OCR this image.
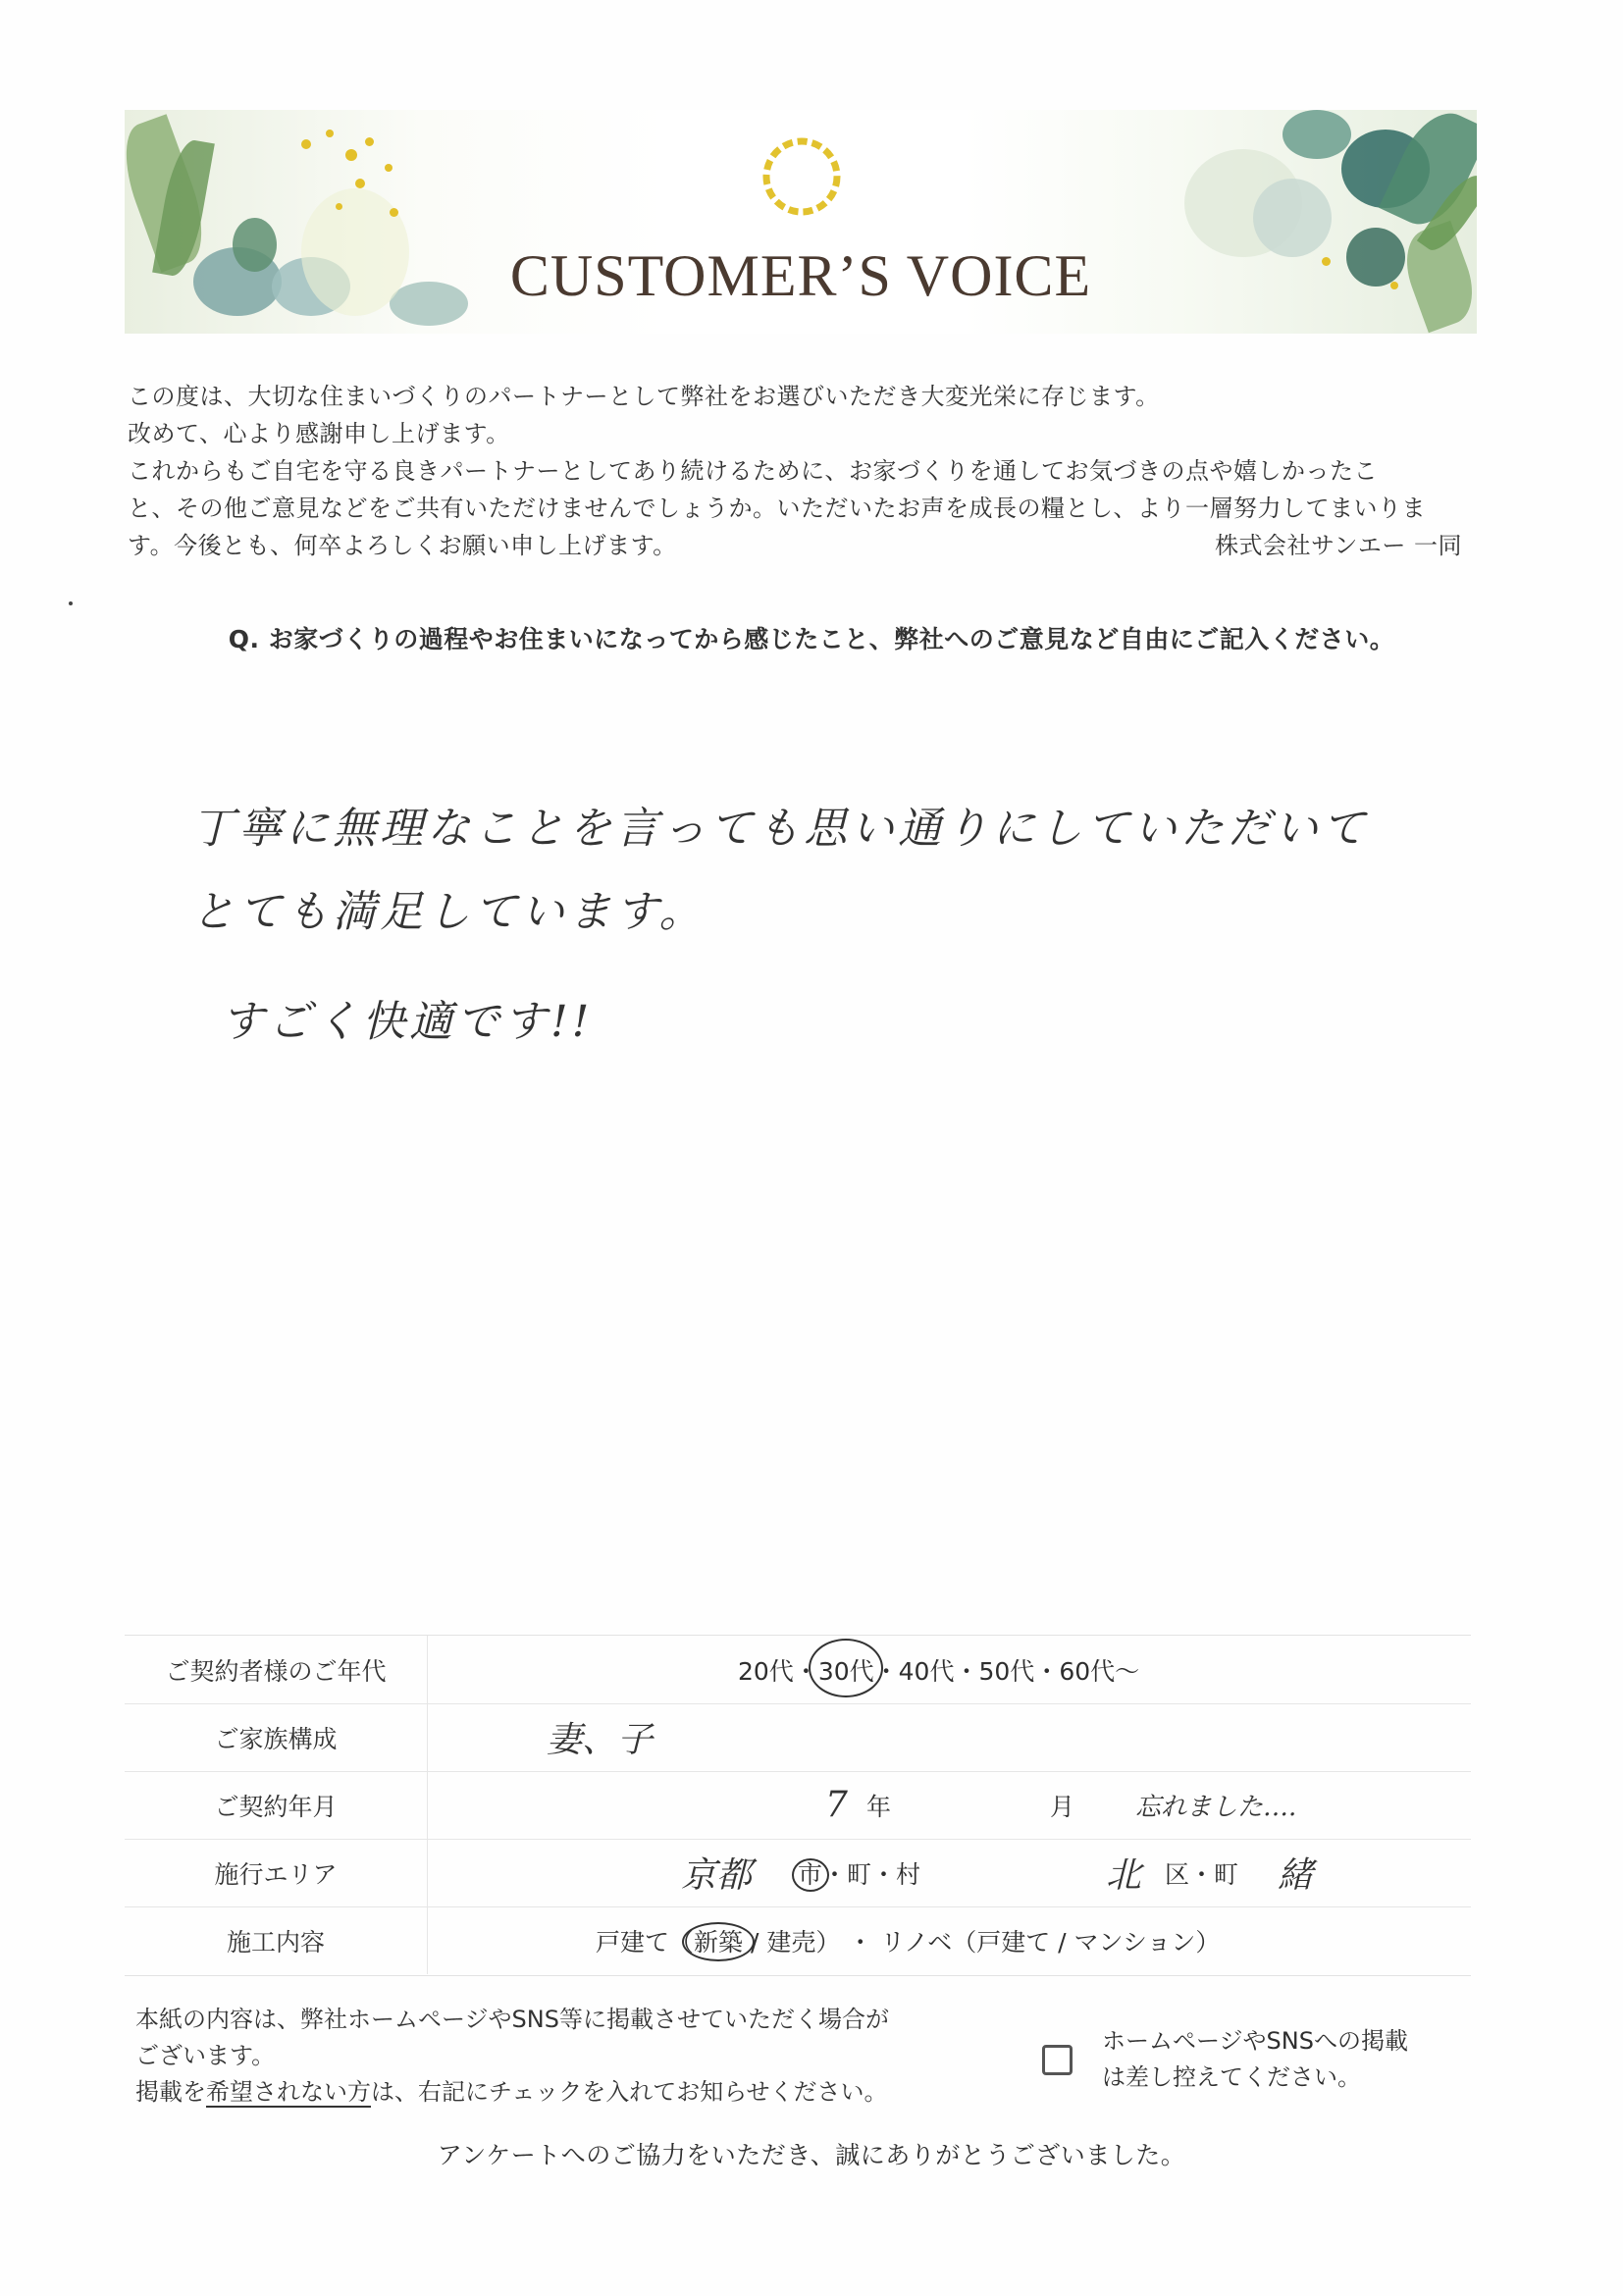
CUSTOMER’S VOICE

この度は、大切な住まいづくりのパートナーとして弊社をお選びいただき大変光栄に存じます。

改めて、心より感謝申し上げます。

これからもご自宅を守る良きパートナーとしてあり続けるために、お家づくりを通してお気づきの点や嬉しかったこ

と、その他ご意見などをご共有いただけませんでしょうか。いただいたお声を成長の糧とし、より一層努力してまいりま

す。今後とも、何卒よろしくお願い申し上げます。	株式会社サンエー 一同

Q. お家づくりの過程やお住まいになってから感じたこと、弊社へのご意見など自由にご記入ください。
丁寧に無理なことを言っても思い通りにしていただいて
とても満足しています。
すごく快適です!!
ご契約者様のご年代	20代 ・ 30代 ・ 40代 ・ 50代 ・ 60代～
ご家族構成	妻、子
ご契約年月	7 年	月 忘れました….
施行エリア	京都 市・町・村	北 区・町 緒
施工内容	戸建て（新築 / 建売） ・ リノベ（戸建て / マンション）

本紙の内容は、弊社ホームページやSNS等に掲載させていただく場合が

ございます。

掲載を希望されない方は、右記にチェックを入れてお知らせください。

ホームページやSNSへの掲載

は差し控えてください。

アンケートへのご協力をいただき、誠にありがとうございました。
